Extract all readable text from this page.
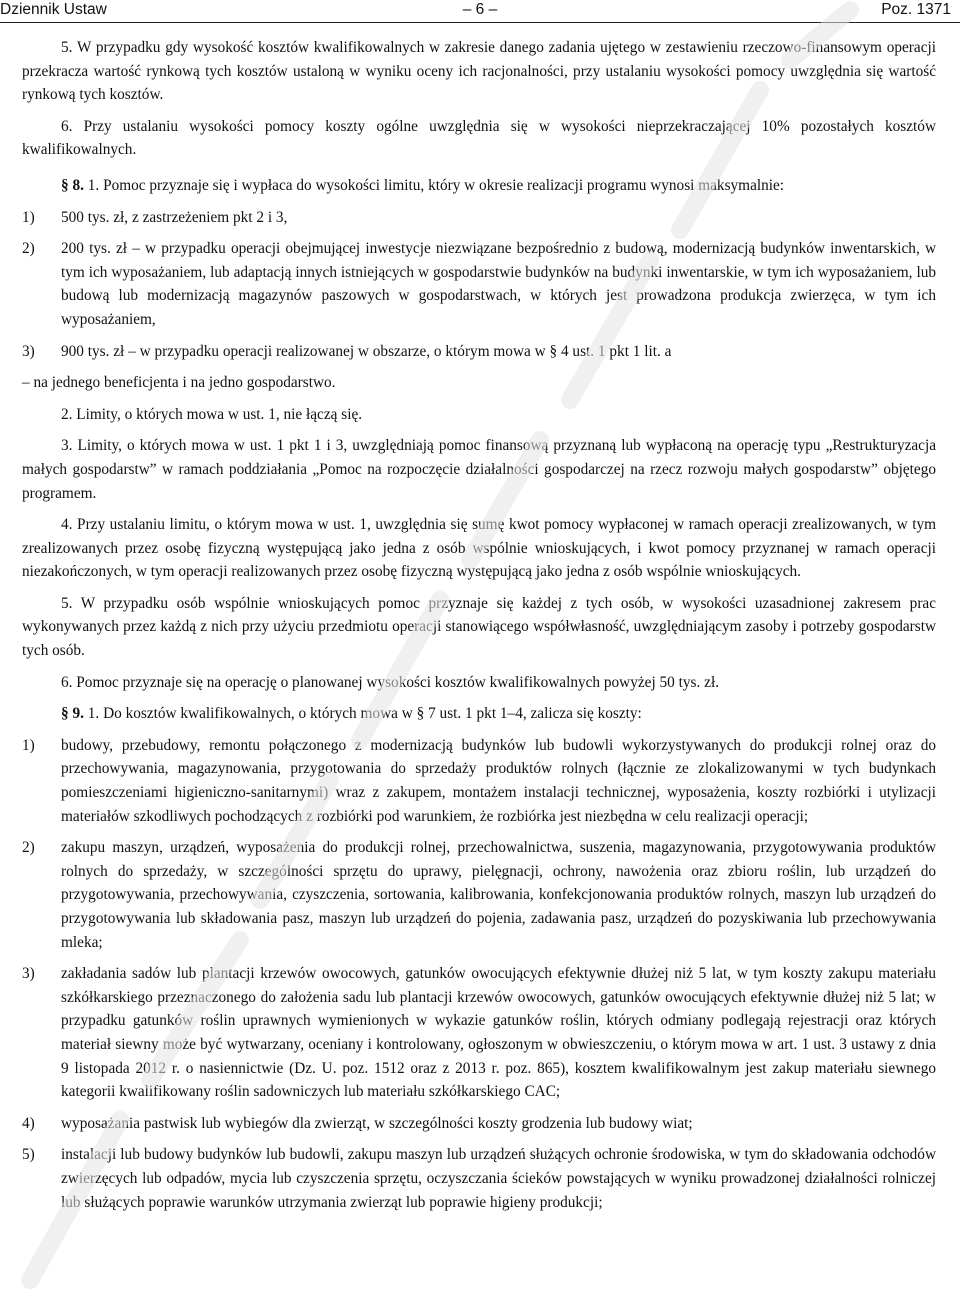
Dziennik Ustaw	– 6 –	Poz. 1371

5. W przypadku gdy wysokość kosztów kwalifikowalnych w zakresie danego zadania ujętego w zestawieniu rzeczowo-finansowym operacji przekracza wartość rynkową tych kosztów ustaloną w wyniku oceny ich racjonalności, przy ustalaniu wysokości pomocy uwzględnia się wartość rynkową tych kosztów.

6. Przy ustalaniu wysokości pomocy koszty ogólne uwzględnia się w wysokości nieprzekraczającej 10% pozostałych kosztów kwalifikowalnych.

§ 8. 1. Pomoc przyznaje się i wypłaca do wysokości limitu, który w okresie realizacji programu wynosi maksymalnie:

1) 500 tys. zł, z zastrzeżeniem pkt 2 i 3,
2) 200 tys. zł – w przypadku operacji obejmującej inwestycje niezwiązane bezpośrednio z budową, modernizacją budynków inwentarskich, w tym ich wyposażaniem, lub adaptacją innych istniejących w gospodarstwie budynków na budynki inwentarskie, w tym ich wyposażaniem, lub budową lub modernizacją magazynów paszowych w gospodarstwach, w których jest prowadzona produkcja zwierzęca, w tym ich wyposażaniem,
3) 900 tys. zł – w przypadku operacji realizowanej w obszarze, o którym mowa w § 4 ust. 1 pkt 1 lit. a

– na jednego beneficjenta i na jedno gospodarstwo.

2. Limity, o których mowa w ust. 1, nie łączą się.

3. Limity, o których mowa w ust. 1 pkt 1 i 3, uwzględniają pomoc finansową przyznaną lub wypłaconą na operację typu „Restrukturyzacja małych gospodarstw” w ramach poddziałania „Pomoc na rozpoczęcie działalności gospodarczej na rzecz rozwoju małych gospodarstw” objętego programem.

4. Przy ustalaniu limitu, o którym mowa w ust. 1, uwzględnia się sumę kwot pomocy wypłaconej w ramach operacji zrealizowanych, w tym zrealizowanych przez osobę fizyczną występującą jako jedna z osób wspólnie wnioskujących, i kwot pomocy przyznanej w ramach operacji niezakończonych, w tym operacji realizowanych przez osobę fizyczną występującą jako jedna z osób wspólnie wnioskujących.

5. W przypadku osób wspólnie wnioskujących pomoc przyznaje się każdej z tych osób, w wysokości uzasadnionej zakresem prac wykonywanych przez każdą z nich przy użyciu przedmiotu operacji stanowiącego współwłasność, uwzględniającym zasoby i potrzeby gospodarstw tych osób.

6. Pomoc przyznaje się na operację o planowanej wysokości kosztów kwalifikowalnych powyżej 50 tys. zł.

§ 9. 1. Do kosztów kwalifikowalnych, o których mowa w § 7 ust. 1 pkt 1–4, zalicza się koszty:

1) budowy, przebudowy, remontu połączonego z modernizacją budynków lub budowli wykorzystywanych do produkcji rolnej oraz do przechowywania, magazynowania, przygotowania do sprzedaży produktów rolnych (łącznie ze zlokalizowanymi w tych budynkach pomieszczeniami higieniczno-sanitarnymi) wraz z zakupem, montażem instalacji technicznej, wyposażenia, koszty rozbiórki i utylizacji materiałów szkodliwych pochodzących z rozbiórki pod warunkiem, że rozbiórka jest niezbędna w celu realizacji operacji;
2) zakupu maszyn, urządzeń, wyposażenia do produkcji rolnej, przechowalnictwa, suszenia, magazynowania, przygotowywania produktów rolnych do sprzedaży, w szczególności sprzętu do uprawy, pielęgnacji, ochrony, nawożenia oraz zbioru roślin, lub urządzeń do przygotowywania, przechowywania, czyszczenia, sortowania, kalibrowania, konfekcjonowania produktów rolnych, maszyn lub urządzeń do przygotowywania lub składowania pasz, maszyn lub urządzeń do pojenia, zadawania pasz, urządzeń do pozyskiwania lub przechowywania mleka;
3) zakładania sadów lub plantacji krzewów owocowych, gatunków owocujących efektywnie dłużej niż 5 lat, w tym koszty zakupu materiału szkółkarskiego przeznaczonego do założenia sadu lub plantacji krzewów owocowych, gatunków owocujących efektywnie dłużej niż 5 lat; w przypadku gatunków roślin uprawnych wymienionych w wykazie gatunków roślin, których odmiany podlegają rejestracji oraz których materiał siewny może być wytwarzany, oceniany i kontrolowany, ogłoszonym w obwieszczeniu, o którym mowa w art. 1 ust. 3 ustawy z dnia 9 listopada 2012 r. o nasiennictwie (Dz. U. poz. 1512 oraz z 2013 r. poz. 865), kosztem kwalifikowalnym jest zakup materiału siewnego kategorii kwalifikowany roślin sadowniczych lub materiału szkółkarskiego CAC;
4) wyposażania pastwisk lub wybiegów dla zwierząt, w szczególności koszty grodzenia lub budowy wiat;
5) instalacji lub budowy budynków lub budowli, zakupu maszyn lub urządzeń służących ochronie środowiska, w tym do składowania odchodów zwierzęcych lub odpadów, mycia lub czyszczenia sprzętu, oczyszczania ścieków powstających w wyniku prowadzonej działalności rolniczej lub służących poprawie warunków utrzymania zwierząt lub poprawie higieny produkcji;
